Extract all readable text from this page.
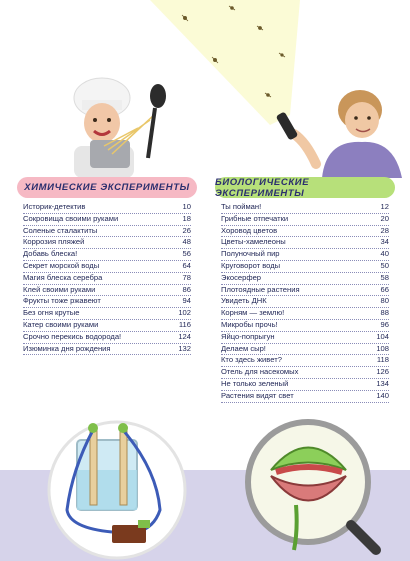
ХИМИЧЕСКИЕ ЭКСПЕРИМЕНТЫ	БИОЛОГИЧЕСКИЕ ЭКСПЕРИМЕНТЫ
Историк-детектив	10
Сокровища своими руками	18
Соленые сталактиты	26
Коррозия пляжей	48
Добавь блеска!	56
Секрет морской воды	64
Магия блеска серебра	78
Клей своими руками	86
Фрукты тоже ржавеют	94
Без огня крутые	102
Катер своими руками	116
Срочно перекись водорода!	124
Изюминка дня рождения	132
Ты пойман!	12
Грибные отпечатки	20
Хоровод цветов	28
Цветы-хамелеоны	34
Полуночный пир	40
Круговорот воды	50
Экосерфер	58
Плотоядные растения	66
Увидеть ДНК	80
Корням — землю!	88
Микробы прочь!	96
Яйцо-попрыгун	104
Делаем сыр!	108
Кто здесь живет?	118
Отель для насекомых	126
Не только зеленый	134
Растения видят свет	140
